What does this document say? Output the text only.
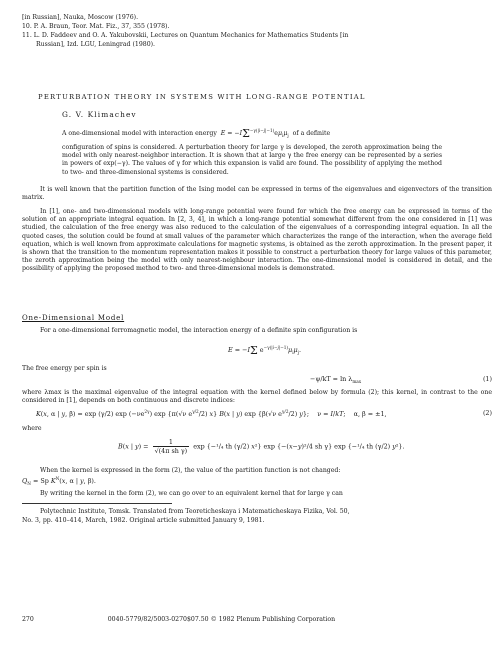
[in Russian], Nauka, Moscow (1976).
10. P. A. Braun, Teor. Mat. Fiz., 37, 355 (1978).
11. L. D. Faddeev and O. A. Yakubovskii, Lectures on Quantum Mechanics for Mathematics Students [in
Russian], Izd. LGU, Leningrad (1980).
PERTURBATION THEORY IN SYSTEMS WITH LONG-RANGE POTENTIAL
G. V. Klimachev
A one-dimensional model with interaction energy $E = -I\Sigma^{-\gamma(|i-j|-1)}e\mu_i\mu_j$ of a definite
configuration of spins is considered. A perturbation theory for large γ is developed, the zeroth approximation being the model with only nearest-neighbor interaction. It is shown that at large γ the free energy can be represented by a series in powers of exp(−γ). The values of γ for which this expansion is valid are found. The possibility of applying the method to two- and three-dimensional systems is considered.
It is well known that the partition function of the Ising model can be expressed in terms of the eigenvalues and eigenvectors of the transition matrix.
In [1], one- and two-dimensional models with long-range potential were found for which the free energy can be expressed in terms of the solution of an appropriate integral equation. In [2, 3, 4], in which a long-range potential somewhat different from the one considered in [1] was studied, the calculation of the free energy was also reduced to the calculation of the eigenvalues of a corresponding integral equation. In all the quoted cases, the solution could be found at small values of the parameter which characterizes the range of the interaction, when the average field equation, which is well known from approximate calculations for magnetic systems, is obtained as the zeroth approximation. In the present paper, it is shown that the transition to the momentum representation makes it possible to construct a perturbation theory for large values of this parameter, the zeroth approximation being the model with only nearest-neighbour interaction. The one-dimensional model is considered in detail, and the possibility of applying the proposed method to two- and three-dimensional models is demonstrated.
One-Dimensional Model
For a one-dimensional ferromagnetic model, the interaction energy of a definite spin configuration is
E = −IΣ $e^{-\gamma(|i-j|-1)}\mu_i\mu_j$.
The free energy per spin is
$-\psi/kT = \ln \lambda_{max}$	(1)
where λmax is the maximal eigenvalue of the integral equation with the kernel defined below by formula (2); this kernel, in contrast to the one considered in [1], depends on both continuous and discrete indices:
K(x, α | y, β) = exp (γ/2) $\exp (-\nu e^{2\gamma})$ exp {π(√ν $e^{\gamma/2}/2$) x} B(x | y) exp {β(√ν $e^{\gamma/2}/2$) y};    ν = I/kT;    α, β = ±1,	(2)
where
B(x | $y) = \frac{1}{\text{√(4π sh γ)}}$ exp {−¹/₄ th (γ/2) x²} exp {−(x−y)²/4 sh γ} exp {−¹/₄ th (γ/2) y²}.
When the kernel is expressed in the form (2), the value of the partition function is not changed:
$Q_N = Sp$ $K^N(x$, α | y, β).
By writing the kernel in the form (2), we can go over to an equivalent kernel that for large γ can
Polytechnic Institute, Tomsk. Translated from Teoreticheskaya i Matematicheskaya Fizika, Vol. 50,
No. 3, pp. 410–414, March, 1982. Original article submitted January 9, 1981.
270	0040-5779/82/5003-0270$07.50 © 1982 Plenum Publishing Corporation
